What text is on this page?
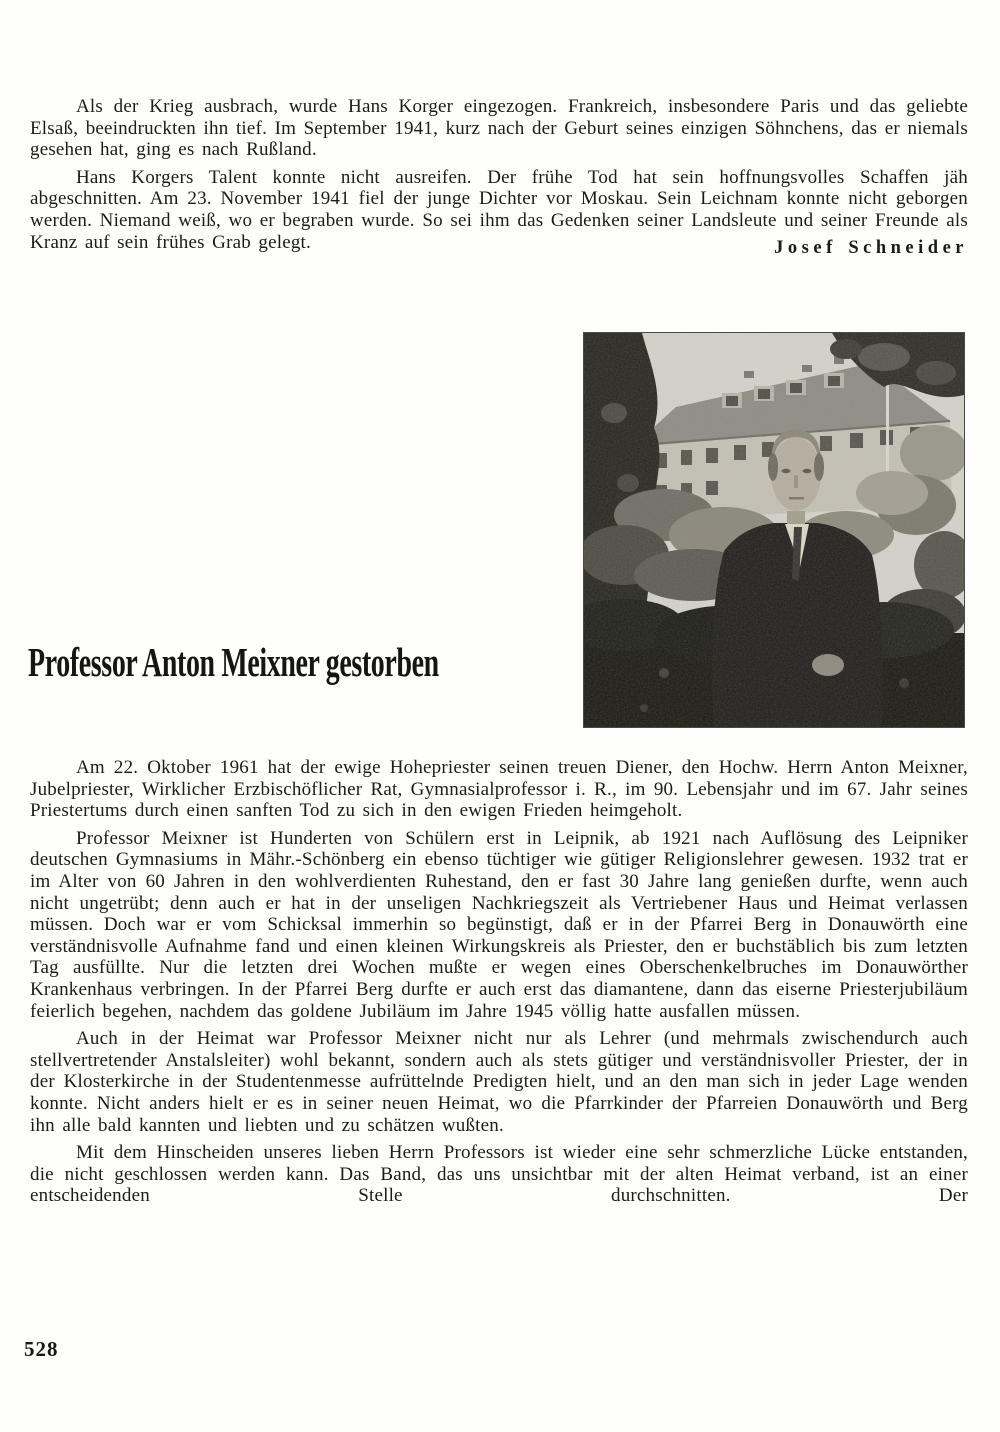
Als der Krieg ausbrach, wurde Hans Korger eingezogen. Frankreich, insbesondere Paris und das geliebte Elsaß, beeindruckten ihn tief. Im September 1941, kurz nach der Geburt seines einzigen Söhnchens, das er niemals gesehen hat, ging es nach Rußland.

Hans Korgers Talent konnte nicht ausreifen. Der frühe Tod hat sein hoffnungsvolles Schaffen jäh abgeschnitten. Am 23. November 1941 fiel der junge Dichter vor Moskau. Sein Leichnam konnte nicht geborgen werden. Niemand weiß, wo er begraben wurde. So sei ihm das Gedenken seiner Landsleute und seiner Freunde als Kranz auf sein frühes Grab gelegt.	Josef Schneider
Professor Anton Meixner gestorben

Am 22. Oktober 1961 hat der ewige Hohepriester seinen treuen Diener, den Hochw. Herrn Anton Meixner, Jubelpriester, Wirklicher Erzbischöflicher Rat, Gymnasialprofessor i. R., im 90. Lebensjahr und im 67. Jahr seines Priestertums durch einen sanften Tod zu sich in den ewigen Frieden heimgeholt.

Professor Meixner ist Hunderten von Schülern erst in Leipnik, ab 1921 nach Auflösung des Leipniker deutschen Gymnasiums in Mähr.-Schönberg ein ebenso tüchtiger wie gütiger Religionslehrer gewesen. 1932 trat er im Alter von 60 Jahren in den wohlverdienten Ruhestand, den er fast 30 Jahre lang genießen durfte, wenn auch nicht ungetrübt; denn auch er hat in der unseligen Nachkriegszeit als Vertriebener Haus und Heimat verlassen müssen. Doch war er vom Schicksal immerhin so begünstigt, daß er in der Pfarrei Berg in Donauwörth eine verständnisvolle Aufnahme fand und einen kleinen Wirkungskreis als Priester, den er buchstäblich bis zum letzten Tag ausfüllte. Nur die letzten drei Wochen mußte er wegen eines Oberschenkelbruches im Donauwörther Krankenhaus verbringen. In der Pfarrei Berg durfte er auch erst das diamantene, dann das eiserne Priesterjubiläum feierlich begehen, nachdem das goldene Jubiläum im Jahre 1945 völlig hatte ausfallen müssen.

Auch in der Heimat war Professor Meixner nicht nur als Lehrer (und mehrmals zwischendurch auch stellvertretender Anstalsleiter) wohl bekannt, sondern auch als stets gütiger und verständnisvoller Priester, der in der Klosterkirche in der Studentenmesse aufrüttelnde Predigten hielt, und an den man sich in jeder Lage wenden konnte. Nicht anders hielt er es in seiner neuen Heimat, wo die Pfarrkinder der Pfarreien Donauwörth und Berg ihn alle bald kannten und liebten und zu schätzen wußten.

Mit dem Hinscheiden unseres lieben Herrn Professors ist wieder eine sehr schmerzliche Lücke entstanden, die nicht geschlossen werden kann. Das Band, das uns unsichtbar mit der alten Heimat verband, ist an einer entscheidenden Stelle durchschnitten. Der

528
